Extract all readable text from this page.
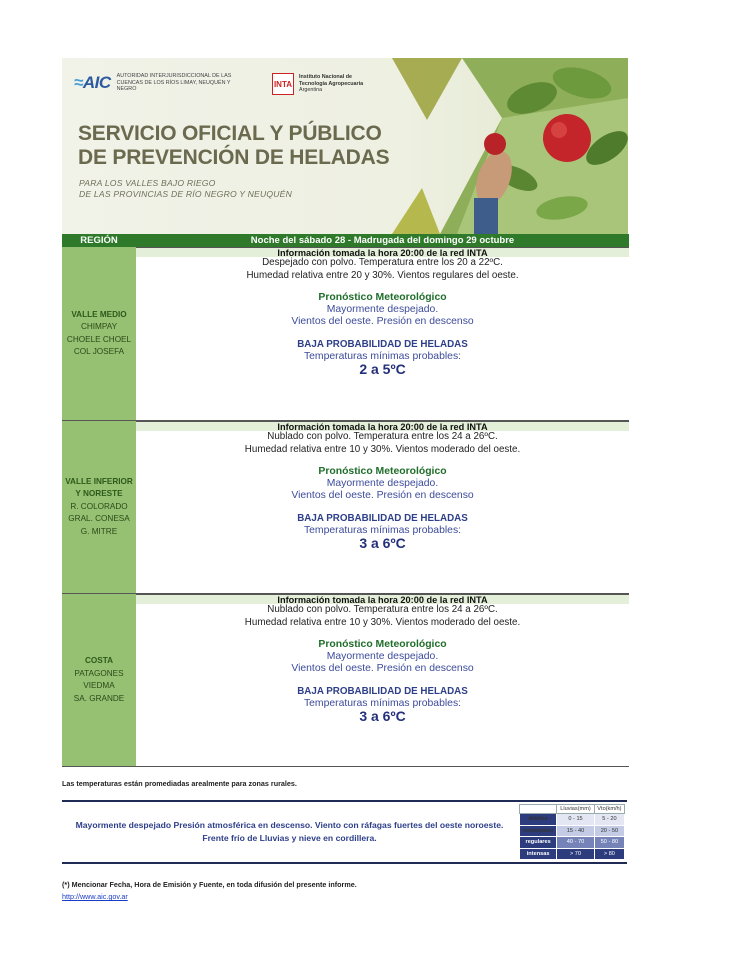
≈AIC AUTORIDAD INTERJURISDICCIONAL DE LAS CUENCAS DE LOS RÍOS LIMAY, NEUQUÉN Y NEGRO
INTA
Instituto Nacional de Tecnología Agropecuaria
Argentina
SERVICIO OFICIAL Y PÚBLICO
DE PREVENCIÓN DE HELADAS
PARA LOS VALLES BAJO RIEGO
DE LAS PROVINCIAS DE RÍO NEGRO Y NEUQUÉN
REGIÓN	Noche del sábado 28 - Madrugada del domingo 29 octubre
VALLE MEDIO
CHIMPAY
CHOELE CHOEL
COL JOSEFA
Información tomada la hora 20:00 de la red INTA
Despejado con polvo. Temperatura entre los 20 a 22ºC.
Humedad relativa entre 20 y 30%. Vientos regulares del oeste.
Pronóstico Meteorológico
Mayormente despejado.
Vientos del oeste. Presión en descenso
BAJA PROBABILIDAD DE HELADAS
Temperaturas mínimas probables:
2 a 5ºC
VALLE INFERIOR
Y NORESTE
R. COLORADO
GRAL. CONESA
G. MITRE
Información tomada la hora 20:00 de la red INTA
Nublado con polvo. Temperatura entre los 24 a 26ºC.
Humedad relativa entre 10 y 30%. Vientos moderado del oeste.
Pronóstico Meteorológico
Mayormente despejado.
Vientos del oeste. Presión en descenso
BAJA PROBABILIDAD DE HELADAS
Temperaturas mínimas probables:
3 a 6ºC
COSTA
PATAGONES
VIEDMA
SA. GRANDE
Información tomada la hora 20:00 de la red INTA
Nublado con polvo. Temperatura entre los 24 a 26ºC.
Humedad relativa entre 10 y 30%. Vientos moderado del oeste.
Pronóstico Meteorológico
Mayormente despejado.
Vientos del oeste. Presión en descenso
BAJA PROBABILIDAD DE HELADAS
Temperaturas mínimas probables:
3 a 6ºC
Las temperaturas están promediadas arealmente para zonas rurales.
Mayormente despejado Presión atmosférica en descenso. Viento con ráfagas fuertes del oeste noroeste.
Frente frío de Lluvias y nieve en cordillera.
	Lluvias(mm)	Vto(km/h)
débiles	0 - 15	5 - 20
moderados	15 - 40	20 - 50
regulares	40 - 70	50 - 80
intensas	> 70	> 80
(*) Mencionar Fecha, Hora de Emisión y Fuente, en toda difusión del presente informe.
http://www.aic.gov.ar
